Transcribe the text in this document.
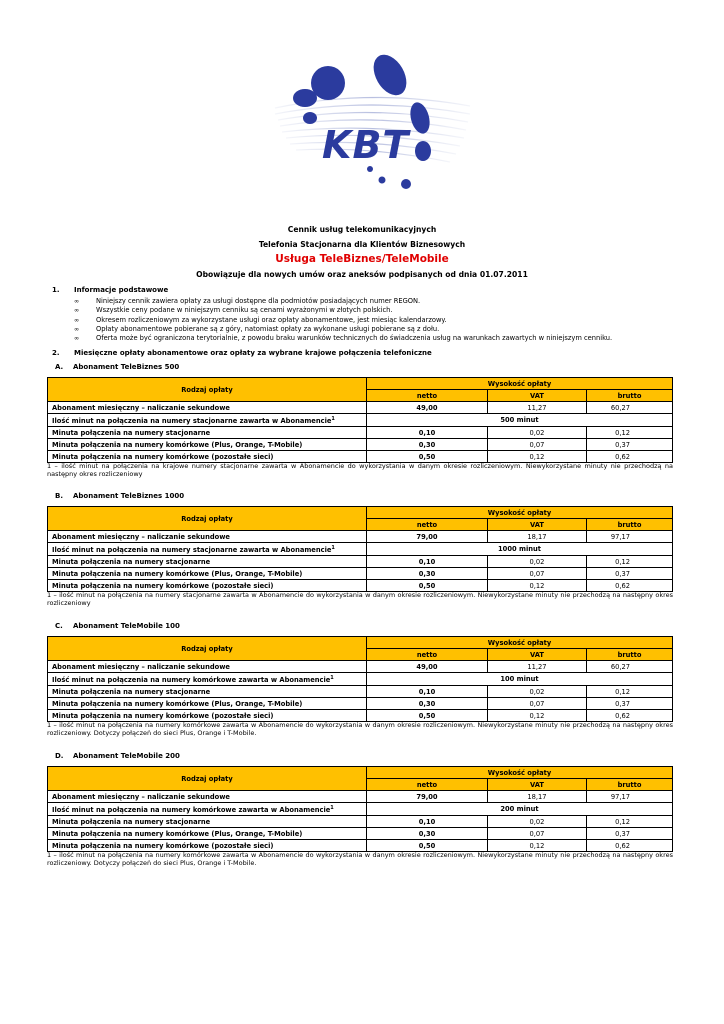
KBT
Cennik usług telekomunikacyjnych
Telefonia Stacjonarna dla Klientów Biznesowych
Usługa TeleBiznes/TeleMobile
Obowiązuje dla nowych umów oraz aneksów podpisanych od dnia 01.07.2011
1. Informacje podstawowe
∞	Niniejszy cennik zawiera opłaty za usługi dostępne dla podmiotów posiadających numer REGON.
∞	Wszystkie ceny podane w niniejszym cenniku są cenami wyrażonymi w złotych polskich.
∞	Okresem rozliczeniowym za wykorzystane usługi oraz opłaty abonamentowe, jest miesiąc kalendarzowy.
∞	Opłaty abonamentowe pobierane są z góry, natomiast opłaty za wykonane usługi pobierane są z dołu.
∞	Oferta może być ograniczona terytorialnie, z powodu braku warunków technicznych do świadczenia usług na warunkach zawartych w niniejszym cenniku.
2. Miesięczne opłaty abonamentowe oraz opłaty za wybrane krajowe połączenia telefoniczne
A. Abonament TeleBiznes 500
Rodzaj opłaty	Wysokość opłaty		
	netto	VAT	brutto
Abonament miesięczny – naliczanie sekundowe	49,00	11,27	60,27
Ilość minut na połączenia na numery stacjonarne zawarta w Abonamencie$^1$	500 minut		
Minuta połączenia na numery stacjonarne	0,10	0,02	0,12
Minuta połączenia na numery komórkowe (Plus, Orange, T-Mobile)	0,30	0,07	0,37
Minuta połączenia na numery komórkowe (pozostałe sieci)	0,50	0,12	0,62
1 – ilość minut na połączenia na krajowe numery stacjonarne zawarta w Abonamencie do wykorzystania w danym okresie rozliczeniowym. Niewykorzystane minuty nie przechodzą na następny okres rozliczeniowy
B. Abonament TeleBiznes 1000
Rodzaj opłaty	Wysokość opłaty		
	netto	VAT	brutto
Abonament miesięczny – naliczanie sekundowe	79,00	18,17	97,17
Ilość minut na połączenia na numery stacjonarne zawarta w Abonamencie$^1$	1000 minut		
Minuta połączenia na numery stacjonarne	0,10	0,02	0,12
Minuta połączenia na numery komórkowe (Plus, Orange, T-Mobile)	0,30	0,07	0,37
Minuta połączenia na numery komórkowe (pozostałe sieci)	0,50	0,12	0,62
1 – ilość minut na połączenia na numery stacjonarne zawarta w Abonamencie do wykorzystania w danym okresie rozliczeniowym. Niewykorzystane minuty nie przechodzą na następny okres rozliczeniowy
C. Abonament TeleMobile 100
Rodzaj opłaty	Wysokość opłaty		
	netto	VAT	brutto
Abonament miesięczny – naliczanie sekundowe	49,00	11,27	60,27
Ilość minut na połączenia na numery komórkowe zawarta w Abonamencie$^1$	100 minut		
Minuta połączenia na numery stacjonarne	0,10	0,02	0,12
Minuta połączenia na numery komórkowe (Plus, Orange, T-Mobile)	0,30	0,07	0,37
Minuta połączenia na numery komórkowe (pozostałe sieci)	0,50	0,12	0,62
1 – ilość minut na połączenia na numery komórkowe zawarta w Abonamencie do wykorzystania w danym okresie rozliczeniowym. Niewykorzystane minuty nie przechodzą na następny okres rozliczeniowy. Dotyczy połączeń do sieci Plus, Orange i T-Mobile.
D. Abonament TeleMobile 200
Rodzaj opłaty	Wysokość opłaty		
	netto	VAT	brutto
Abonament miesięczny – naliczanie sekundowe	79,00	18,17	97,17
Ilość minut na połączenia na numery komórkowe zawarta w Abonamencie$^1$	200 minut		
Minuta połączenia na numery stacjonarne	0,10	0,02	0,12
Minuta połączenia na numery komórkowe (Plus, Orange, T-Mobile)	0,30	0,07	0,37
Minuta połączenia na numery komórkowe (pozostałe sieci)	0,50	0,12	0,62
1 – ilość minut na połączenia na numery komórkowe zawarta w Abonamencie do wykorzystania w danym okresie rozliczeniowym. Niewykorzystane minuty nie przechodzą na następny okres rozliczeniowy. Dotyczy połączeń do sieci Plus, Orange i T-Mobile.
